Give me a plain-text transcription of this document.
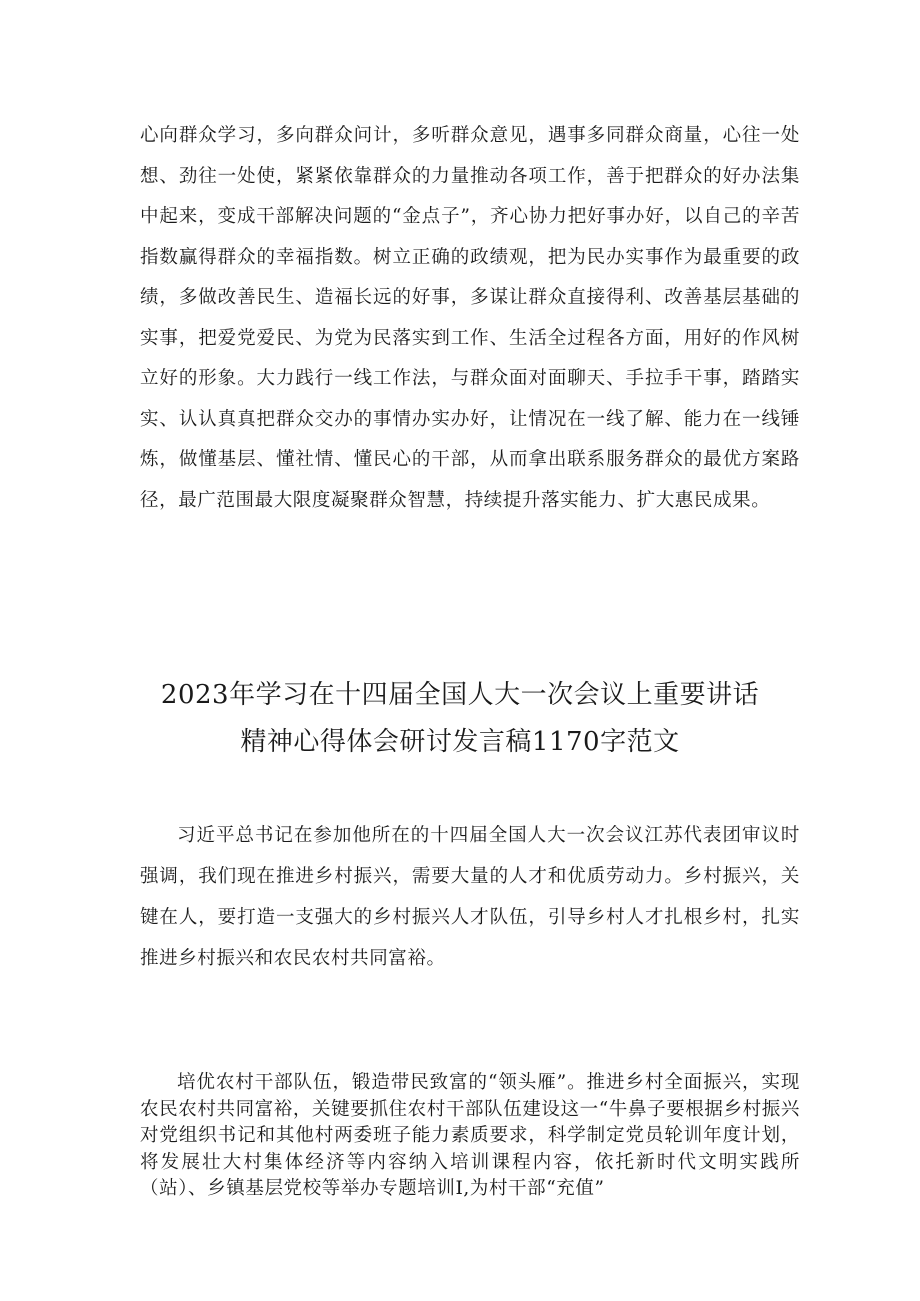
心向群众学习，多向群众问计，多听群众意见，遇事多同群众商量，心往一处想、劲往一处使，紧紧依靠群众的力量推动各项工作，善于把群众的好办法集中起来，变成干部解决问题的“金点子”，齐心协力把好事办好，以自己的辛苦指数赢得群众的幸福指数。树立正确的政绩观，把为民办实事作为最重要的政绩，多做改善民生、造福长远的好事，多谋让群众直接得利、改善基层基础的实事，把爱党爱民、为党为民落实到工作、生活全过程各方面，用好的作风树立好的形象。大力践行一线工作法，与群众面对面聊天、手拉手干事，踏踏实实、认认真真把群众交办的事情办实办好，让情况在一线了解、能力在一线锤炼，做懂基层、懂社情、懂民心的干部，从而拿出联系服务群众的最优方案路径，最广范围最大限度凝聚群众智慧，持续提升落实能力、扩大惠民成果。

2023年学习在十四届全国人大一次会议上重要讲话
精神心得体会研讨发言稿1170字范文

习近平总书记在参加他所在的十四届全国人大一次会议江苏代表团审议时强调，我们现在推进乡村振兴，需要大量的人才和优质劳动力。乡村振兴，关键在人，要打造一支强大的乡村振兴人才队伍，引导乡村人才扎根乡村，扎实推进乡村振兴和农民农村共同富裕。

培优农村干部队伍，锻造带民致富的“领头雁”。推进乡村全面振兴，实现农民农村共同富裕，关键要抓住农村干部队伍建设这一“牛鼻子要根据乡村振兴对党组织书记和其他村两委班子能力素质要求，科学制定党员轮训年度计划，将发展壮大村集体经济等内容纳入培训课程内容，依托新时代文明实践所（站）、乡镇基层党校等举办专题培训Ⅰ,为村干部“充值”
